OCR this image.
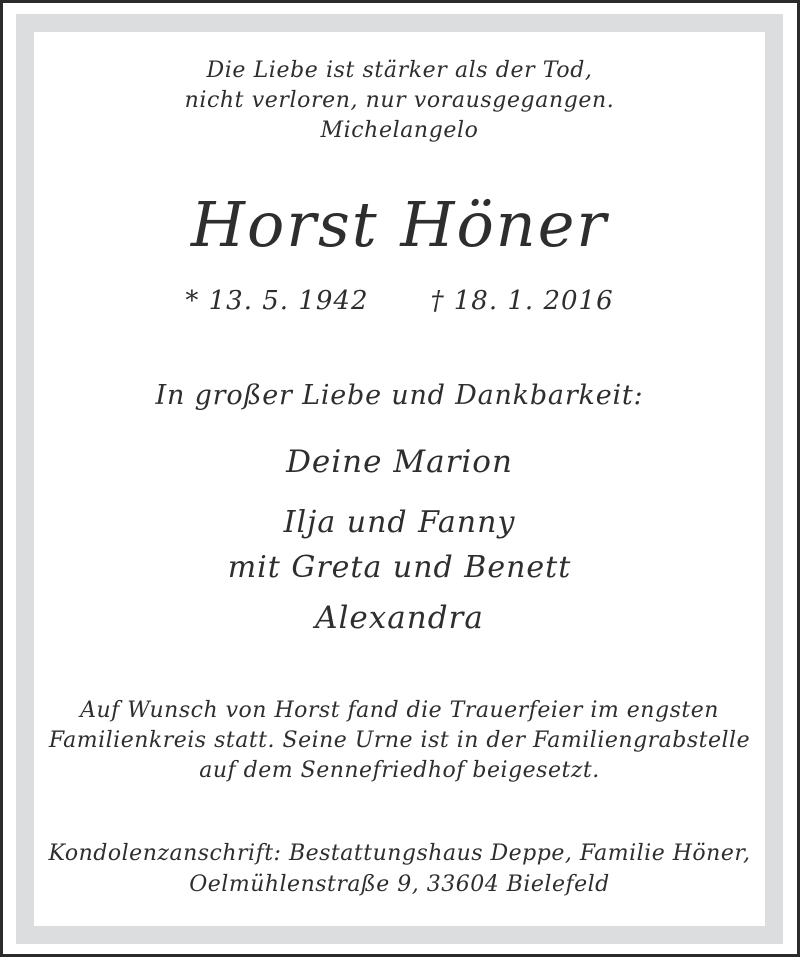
Die Liebe ist stärker als der Tod,
nicht verloren, nur vorausgegangen.
Michelangelo
Horst Höner
* 13. 5. 1942 † 18. 1. 2016
In großer Liebe und Dankbarkeit:
Deine Marion
Ilja und Fanny
mit Greta und Benett
Alexandra
Auf Wunsch von Horst fand die Trauerfeier im engsten
Familienkreis statt. Seine Urne ist in der Familiengrabstelle
auf dem Sennefriedhof beigesetzt.
Kondolenzanschrift: Bestattungshaus Deppe, Familie Höner,
Oelmühlenstraße 9, 33604 Bielefeld
